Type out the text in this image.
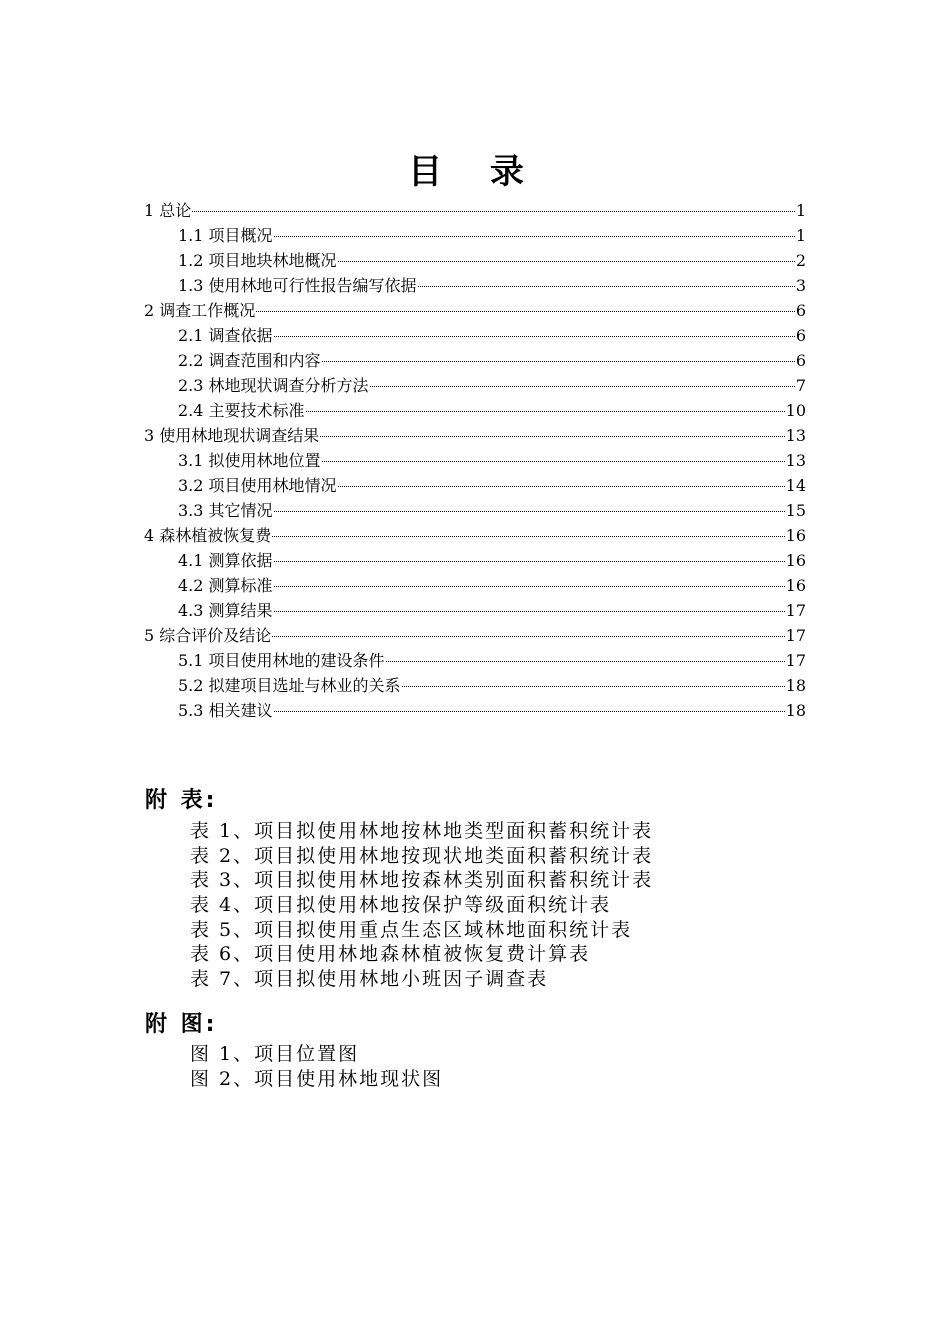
目 录
1 总论	1
1.1 项目概况	1
1.2 项目地块林地概况	2
1.3 使用林地可行性报告编写依据	3
2 调查工作概况	6
2.1 调查依据	6
2.2 调查范围和内容	6
2.3 林地现状调查分析方法	7
2.4 主要技术标准	10
3 使用林地现状调查结果	13
3.1 拟使用林地位置	13
3.2 项目使用林地情况	14
3.3 其它情况	15
4 森林植被恢复费	16
4.1 测算依据	16
4.2 测算标准	16
4.3 测算结果	17
5 综合评价及结论	17
5.1 项目使用林地的建设条件	17
5.2 拟建项目选址与林业的关系	18
5.3 相关建议	18
附 表:
表 1、项目拟使用林地按林地类型面积蓄积统计表
表 2、项目拟使用林地按现状地类面积蓄积统计表
表 3、项目拟使用林地按森林类别面积蓄积统计表
表 4、项目拟使用林地按保护等级面积统计表
表 5、项目拟使用重点生态区域林地面积统计表
表 6、项目使用林地森林植被恢复费计算表
表 7、项目拟使用林地小班因子调查表
附 图:
图 1、项目位置图
图 2、项目使用林地现状图
